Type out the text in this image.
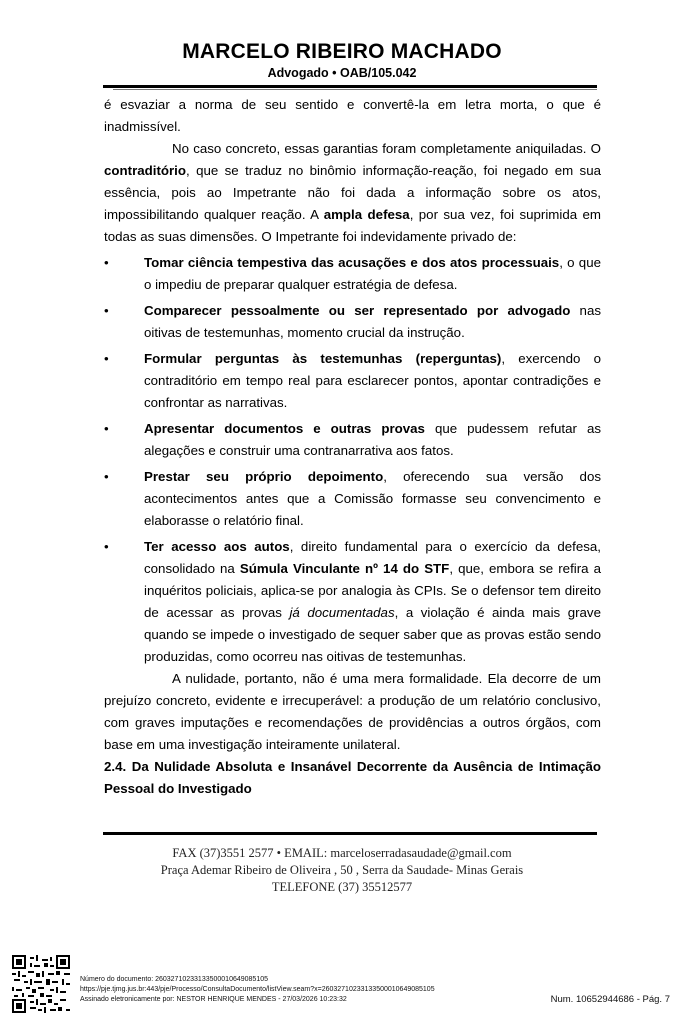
MARCELO RIBEIRO MACHADO
Advogado • OAB/105.042

é esvaziar a norma de seu sentido e convertê-la em letra morta, o que é inadmissível.

No caso concreto, essas garantias foram completamente aniquiladas. O contraditório, que se traduz no binômio informação-reação, foi negado em sua essência, pois ao Impetrante não foi dada a informação sobre os atos, impossibilitando qualquer reação. A ampla defesa, por sua vez, foi suprimida em todas as suas dimensões. O Impetrante foi indevidamente privado de:

•	Tomar ciência tempestiva das acusações e dos atos processuais, o que o impediu de preparar qualquer estratégia de defesa.
•	Comparecer pessoalmente ou ser representado por advogado nas oitivas de testemunhas, momento crucial da instrução.
•	Formular perguntas às testemunhas (reperguntas), exercendo o contraditório em tempo real para esclarecer pontos, apontar contradições e confrontar as narrativas.
•	Apresentar documentos e outras provas que pudessem refutar as alegações e construir uma contranarrativa aos fatos.
•	Prestar seu próprio depoimento, oferecendo sua versão dos acontecimentos antes que a Comissão formasse seu convencimento e elaborasse o relatório final.
•	Ter acesso aos autos, direito fundamental para o exercício da defesa, consolidado na Súmula Vinculante nº 14 do STF, que, embora se refira a inquéritos policiais, aplica-se por analogia às CPIs. Se o defensor tem direito de acessar as provas já documentadas, a violação é ainda mais grave quando se impede o investigado de sequer saber que as provas estão sendo produzidas, como ocorreu nas oitivas de testemunhas.

A nulidade, portanto, não é uma mera formalidade. Ela decorre de um prejuízo concreto, evidente e irrecuperável: a produção de um relatório conclusivo, com graves imputações e recomendações de providências a outros órgãos, com base em uma investigação inteiramente unilateral.

2.4. Da Nulidade Absoluta e Insanável Decorrente da Ausência de Intimação Pessoal do Investigado

FAX (37)3551 2577 • EMAIL: marceloserradasaudade@gmail.com
Praça Ademar Ribeiro de Oliveira , 50 , Serra da Saudade- Minas Gerais
TELEFONE (37) 35512577
Número do documento: 26032710233133500010649085105
https://pje.tjmg.jus.br:443/pje/Processo/ConsultaDocumento/listView.seam?x=26032710233133500010649085105
Assinado eletronicamente por: NESTOR HENRIQUE MENDES - 27/03/2026 10:23:32	Num. 10652944686 - Pág. 7
